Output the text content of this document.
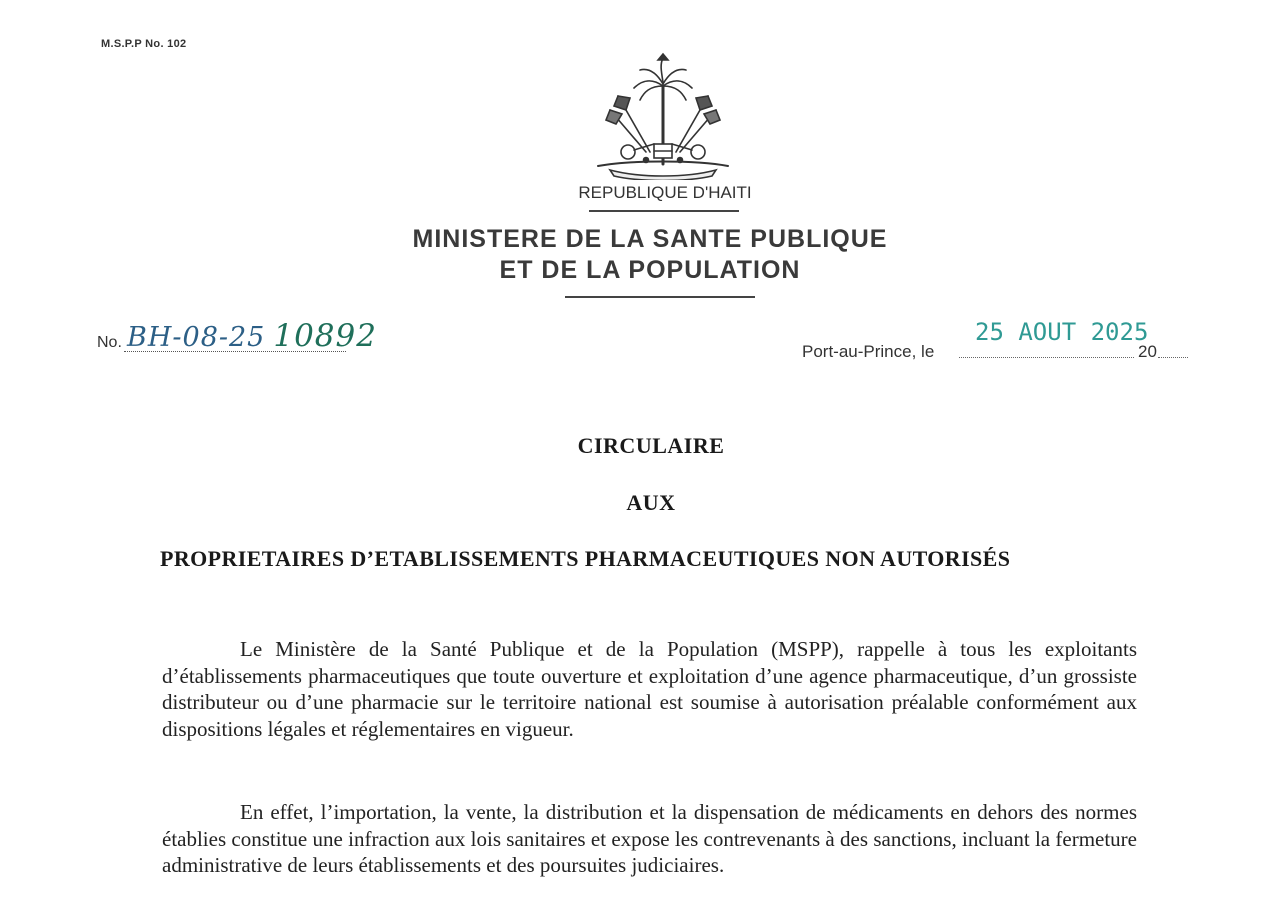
M.S.P.P No. 102
REPUBLIQUE D'HAITI
MINISTERE DE LA SANTE PUBLIQUE
ET DE LA POPULATION
No. BH-08-25 10892	25 AOUT 2025
Port-au-Prince, le	20
CIRCULAIRE
AUX
PROPRIETAIRES D’ETABLISSEMENTS PHARMACEUTIQUES NON AUTORISÉS
Le Ministère de la Santé Publique et de la Population (MSPP), rappelle à tous les exploitants d’établissements pharmaceutiques que toute ouverture et exploitation d’une agence pharmaceutique, d’un grossiste distributeur ou d’une pharmacie sur le territoire national est soumise à autorisation préalable conformément aux dispositions légales et réglementaires en vigueur.
En effet, l’importation, la vente, la distribution et la dispensation de médicaments en dehors des normes établies constitue une infraction aux lois sanitaires et expose les contrevenants à des sanctions, incluant la fermeture administrative de leurs établissements et des poursuites judiciaires.
